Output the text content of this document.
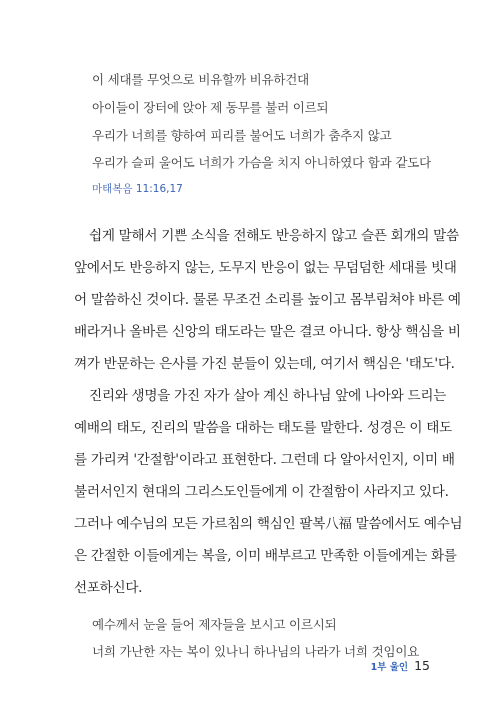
이 세대를 무엇으로 비유할까 비유하건대
아이들이 장터에 앉아 제 동무를 불러 이르되
우리가 너희를 향하여 피리를 불어도 너희가 춤추지 않고
우리가 슬피 울어도 너희가 가슴을 치지 아니하였다 함과 같도다
마태복음 11:16,17
쉽게 말해서 기쁜 소식을 전해도 반응하지 않고 슬픈 회개의 말씀
앞에서도 반응하지 않는, 도무지 반응이 없는 무덤덤한 세대를 빗대
어 말씀하신 것이다. 물론 무조건 소리를 높이고 몸부림쳐야 바른 예
배라거나 올바른 신앙의 태도라는 말은 결코 아니다. 항상 핵심을 비
껴가 반문하는 은사를 가진 분들이 있는데, 여기서 핵심은 '태도'다.
진리와 생명을 가진 자가 살아 계신 하나님 앞에 나아와 드리는
예배의 태도, 진리의 말씀을 대하는 태도를 말한다. 성경은 이 태도
를 가리켜 '간절함'이라고 표현한다. 그런데 다 알아서인지, 이미 배
불러서인지 현대의 그리스도인들에게 이 간절함이 사라지고 있다.
그러나 예수님의 모든 가르침의 핵심인 팔복八福 말씀에서도 예수님
은 간절한 이들에게는 복을, 이미 배부르고 만족한 이들에게는 화를
선포하신다.
예수께서 눈을 들어 제자들을 보시고 이르시되
너희 가난한 자는 복이 있나니 하나님의 나라가 너희 것임이요
1부 울인 15
